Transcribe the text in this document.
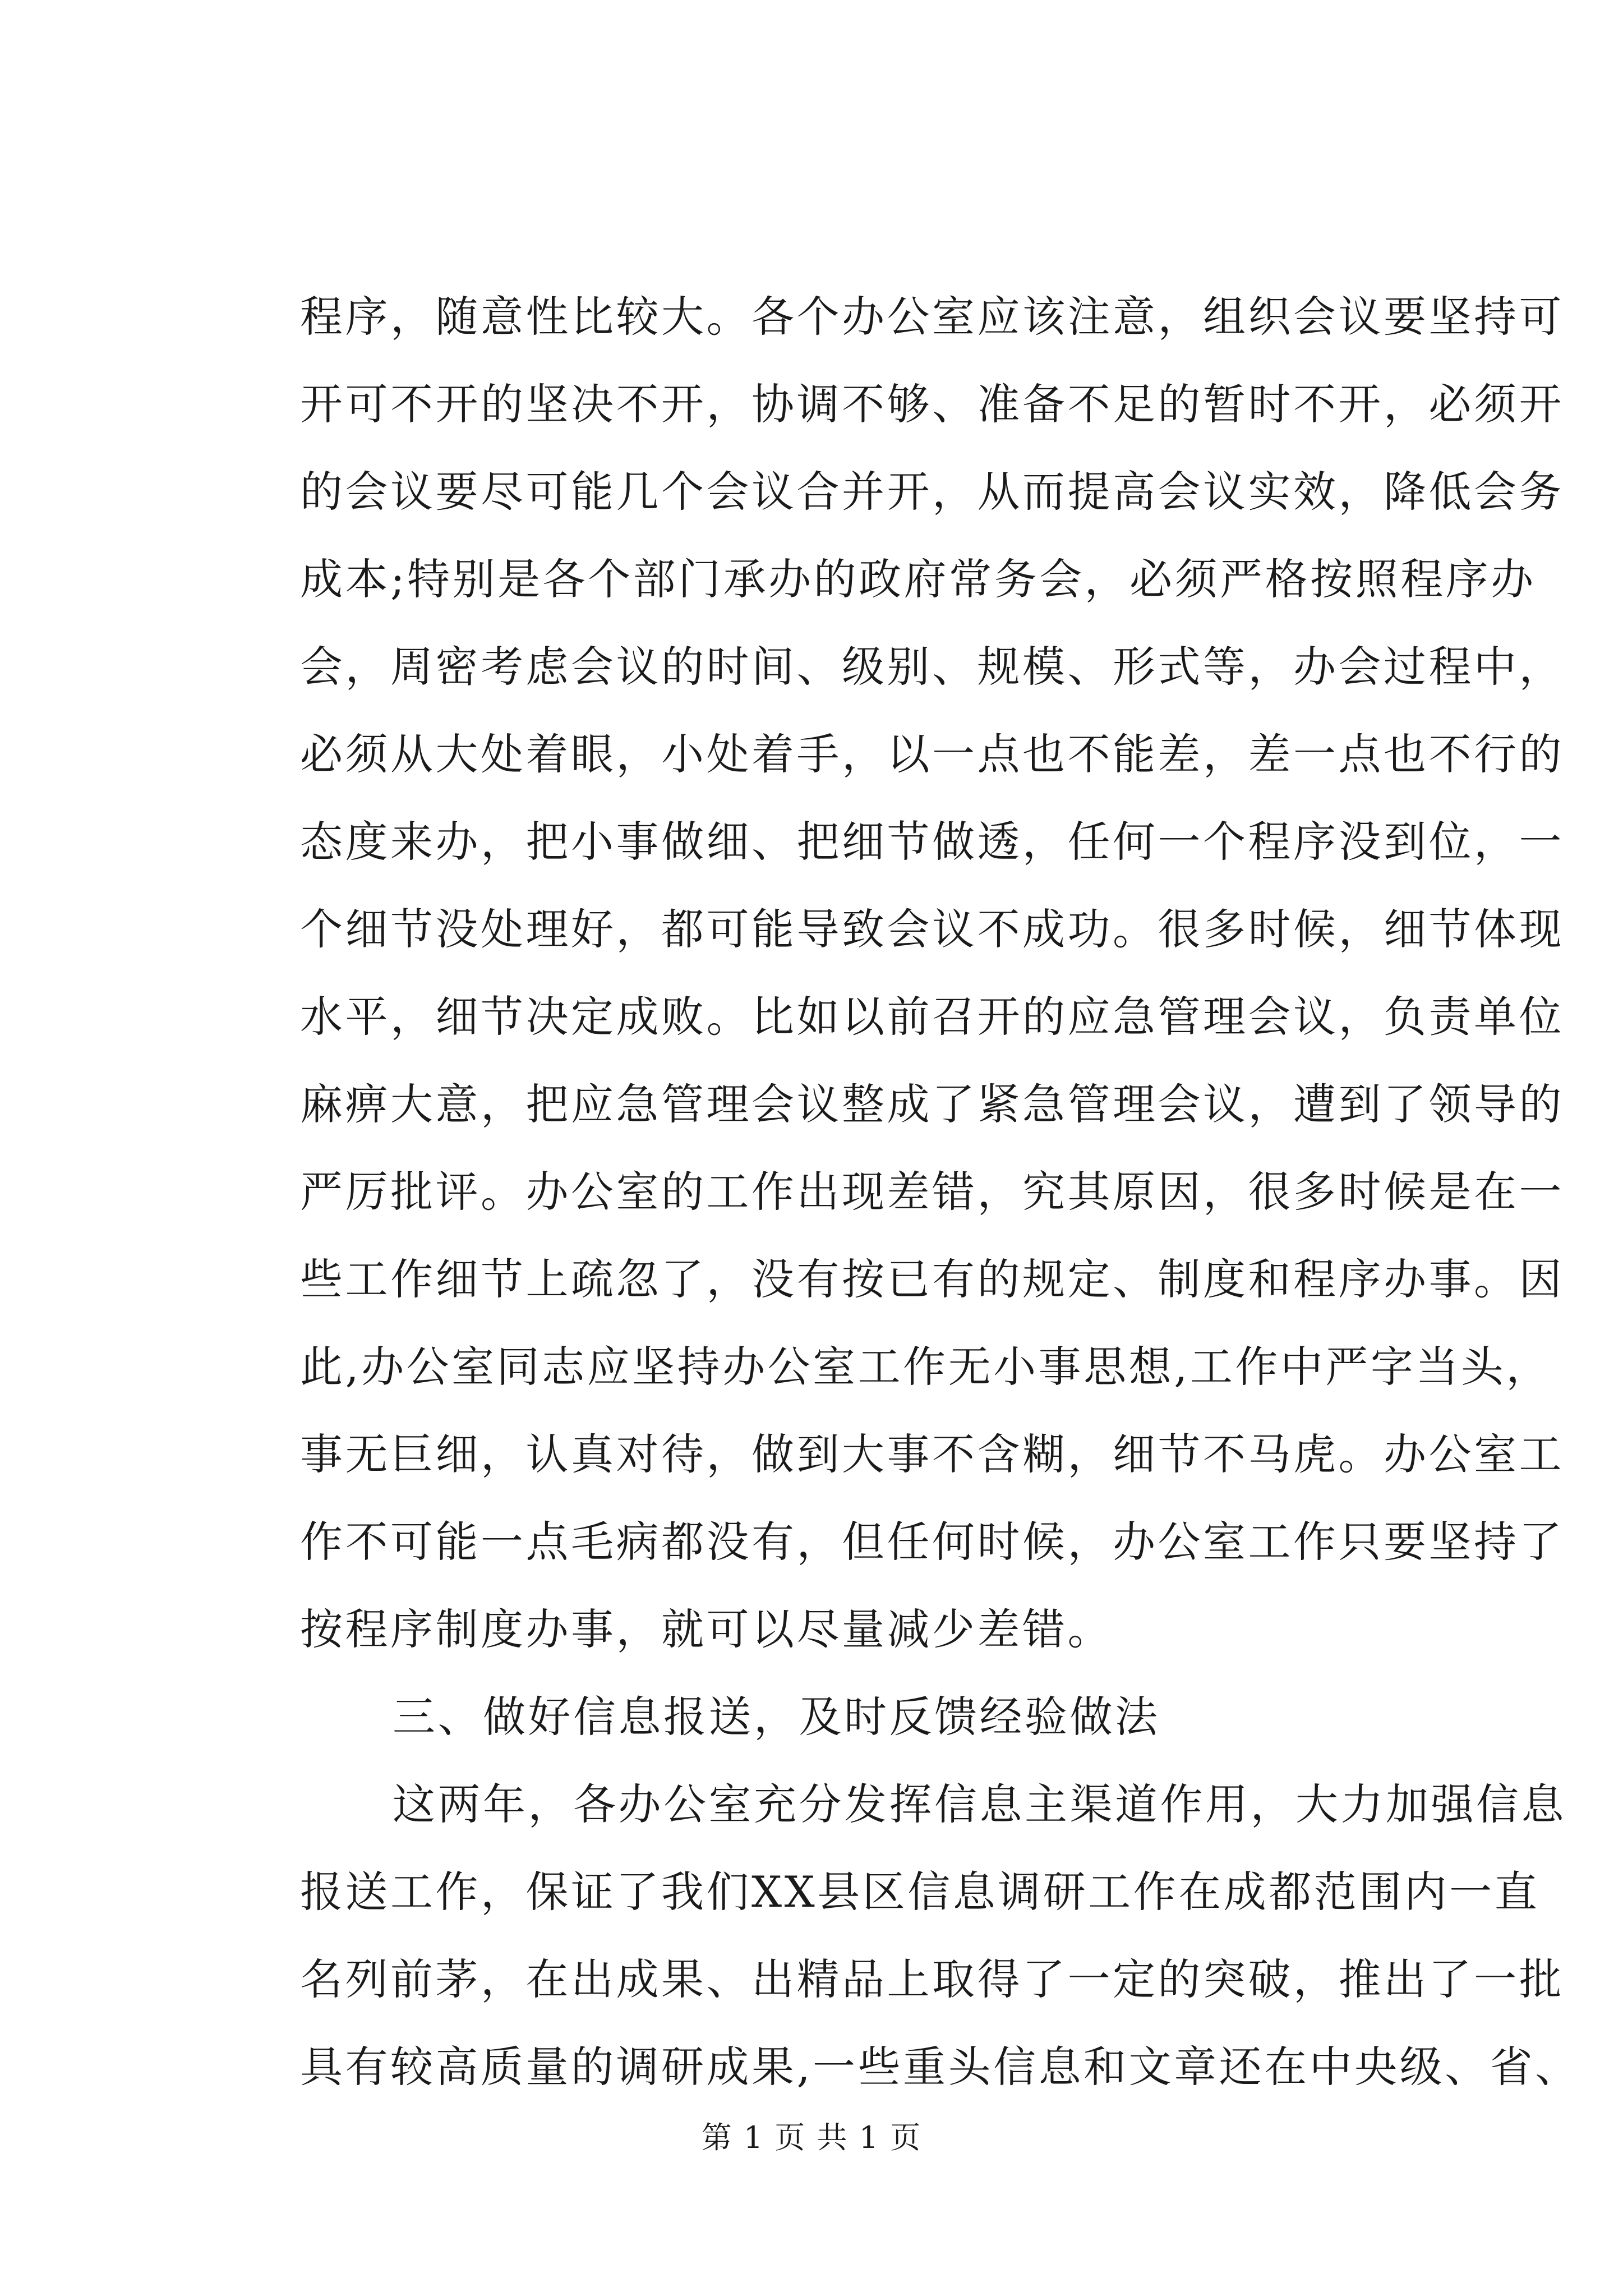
程序，随意性比较大。各个办公室应该注意，组织会议要坚持可
开可不开的坚决不开，协调不够、准备不足的暂时不开，必须开
的会议要尽可能几个会议合并开，从而提高会议实效，降低会务
成本;特别是各个部门承办的政府常务会，必须严格按照程序办
会，周密考虑会议的时间、级别、规模、形式等，办会过程中，
必须从大处着眼，小处着手，以一点也不能差，差一点也不行的
态度来办，把小事做细、把细节做透，任何一个程序没到位，一
个细节没处理好，都可能导致会议不成功。很多时候，细节体现
水平，细节决定成败。比如以前召开的应急管理会议，负责单位
麻痹大意，把应急管理会议整成了紧急管理会议，遭到了领导的
严厉批评。办公室的工作出现差错，究其原因，很多时候是在一
些工作细节上疏忽了，没有按已有的规定、制度和程序办事。因
此,办公室同志应坚持办公室工作无小事思想,工作中严字当头，
事无巨细，认真对待，做到大事不含糊，细节不马虎。办公室工
作不可能一点毛病都没有，但任何时候，办公室工作只要坚持了
按程序制度办事，就可以尽量减少差错。
三、做好信息报送，及时反馈经验做法
这两年，各办公室充分发挥信息主渠道作用，大力加强信息
报送工作，保证了我们XX县区信息调研工作在成都范围内一直
名列前茅，在出成果、出精品上取得了一定的突破，推出了一批
具有较高质量的调研成果,一些重头信息和文章还在中央级、省、
第 1 页 共 1 页
